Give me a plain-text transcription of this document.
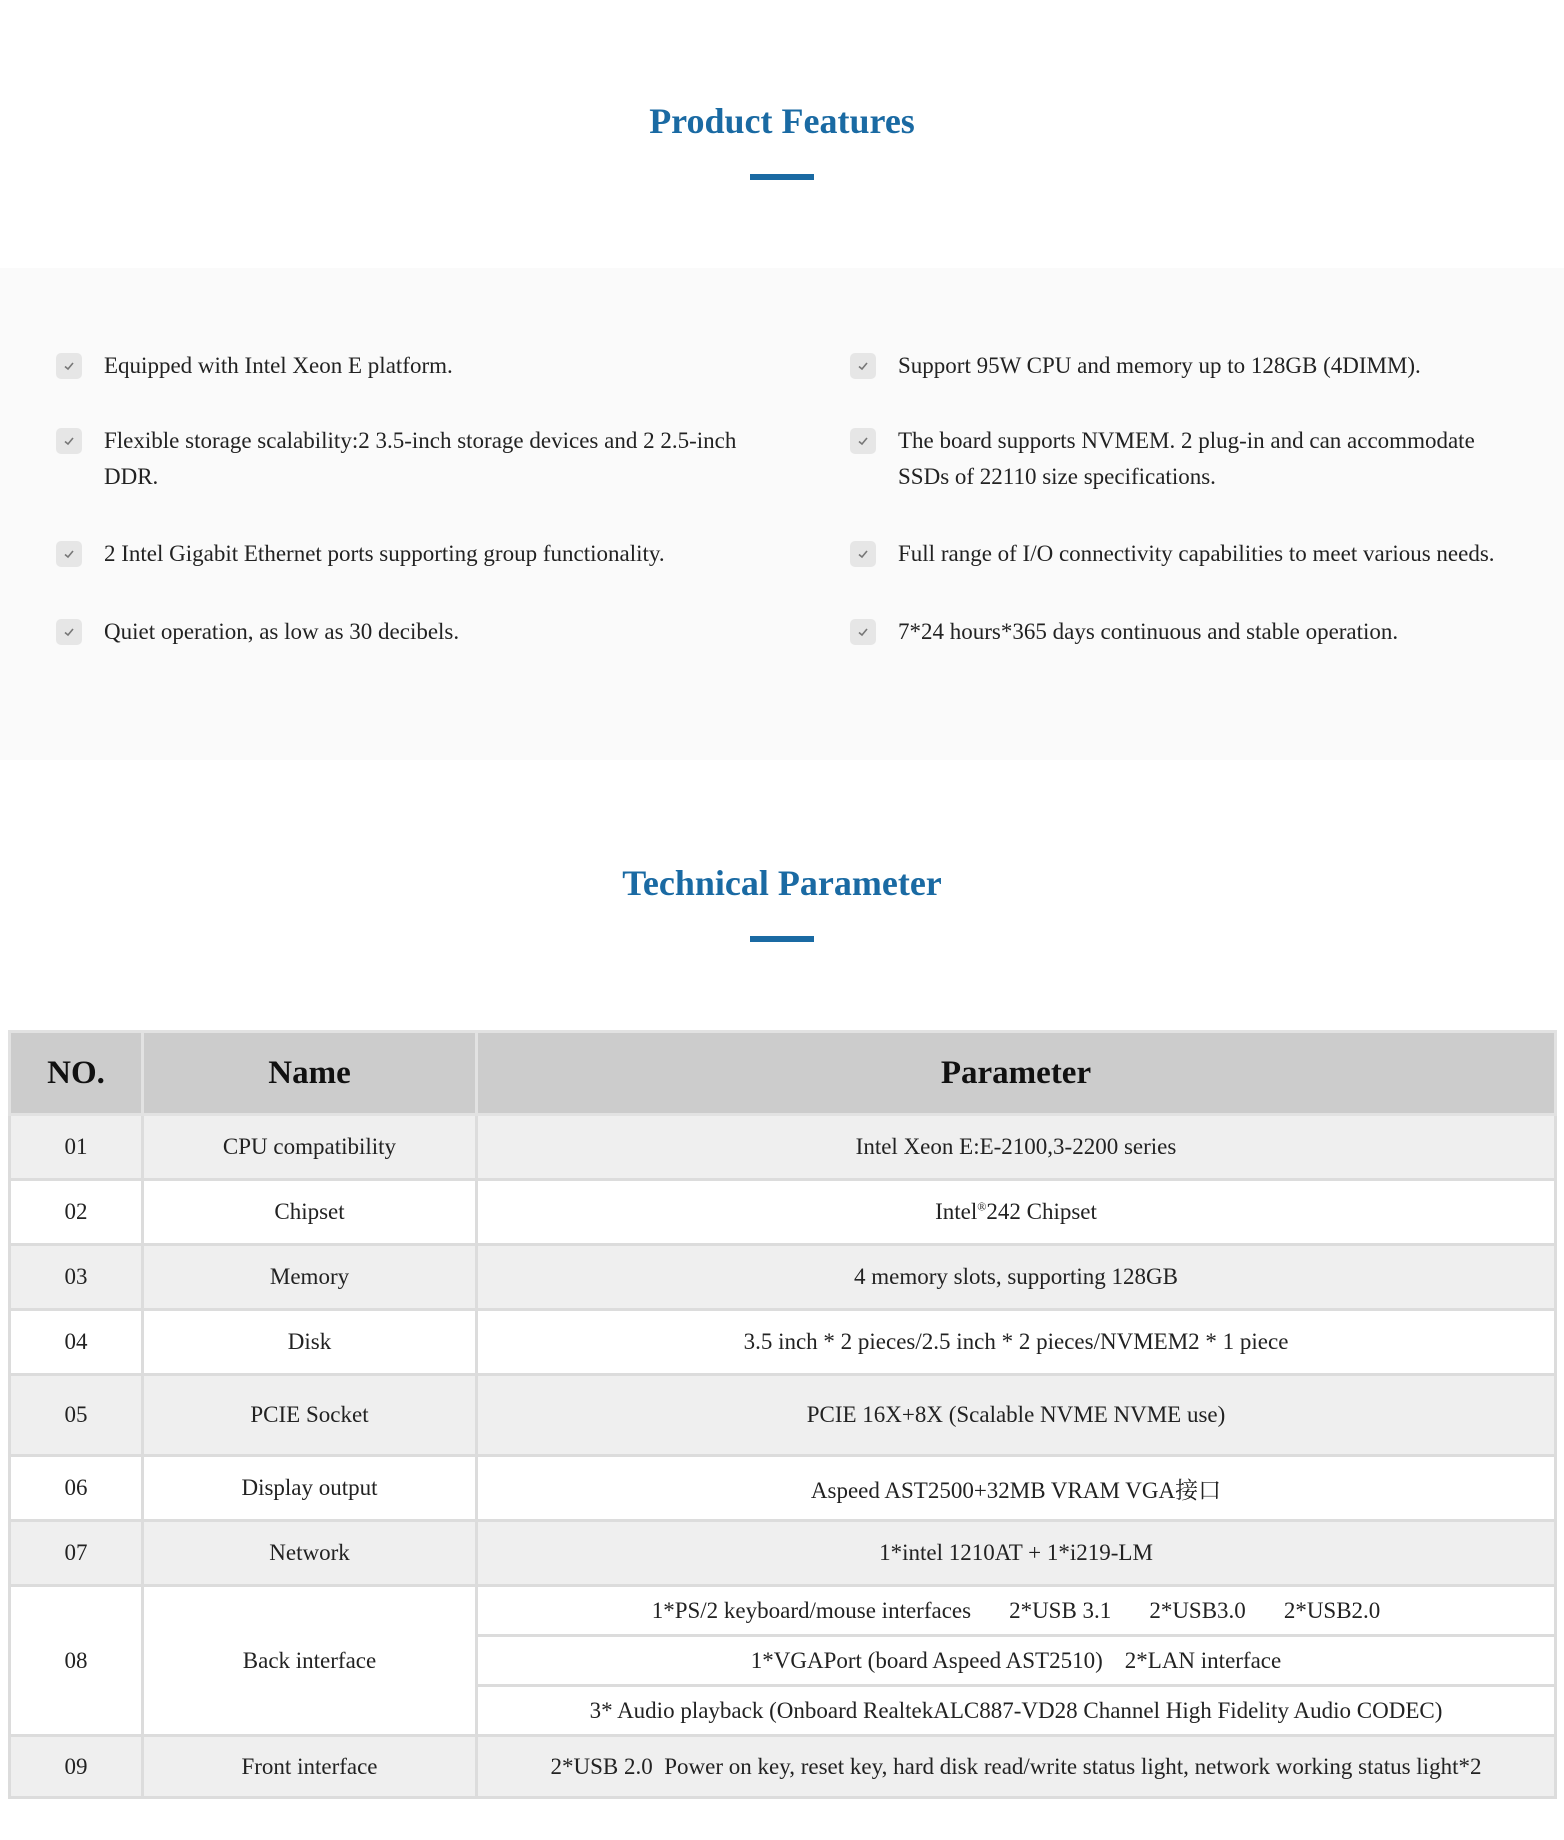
Product Features
Equipped with Intel Xeon E platform.	Support 95W CPU and memory up to 128GB (4DIMM).
Flexible storage scalability:2 3.5-inch storage devices and 2 2.5-inch DDR.
The board supports NVMEM. 2 plug-in and can accommodate SSDs of 22110 size specifications.
2 Intel Gigabit Ethernet ports supporting group functionality.	Full range of I/O connectivity capabilities to meet various needs.
Quiet operation, as low as 30 decibels.	7*24 hours*365 days continuous and stable operation.
Technical Parameter
NO.	Name	Parameter
01	CPU compatibility	Intel Xeon E:E-2100,3-2200 series
02	Chipset	Intel®242 Chipset
03	Memory	4 memory slots, supporting 128GB
04	Disk	3.5 inch * 2 pieces/2.5 inch * 2 pieces/NVMEM2 * 1 piece
05	PCIE Socket	PCIE 16X+8X (Scalable NVME NVME use)
06	Display output	Aspeed AST2500+32MB VRAM VGA接口
07	Network	1*intel 1210AT + 1*i219-LM
08	Back interface	1*PS/2 keyboard/mouse interfaces 2*USB 3.1 2*USB3.0 2*USB2.0
		1*VGAPort (board Aspeed AST2510) 2*LAN interface
		3* Audio playback (Onboard RealtekALC887-VD28 Channel High Fidelity Audio CODEC)
09	Front interface	2*USB 2.0  Power on key, reset key, hard disk read/write status light, network working status light*2
